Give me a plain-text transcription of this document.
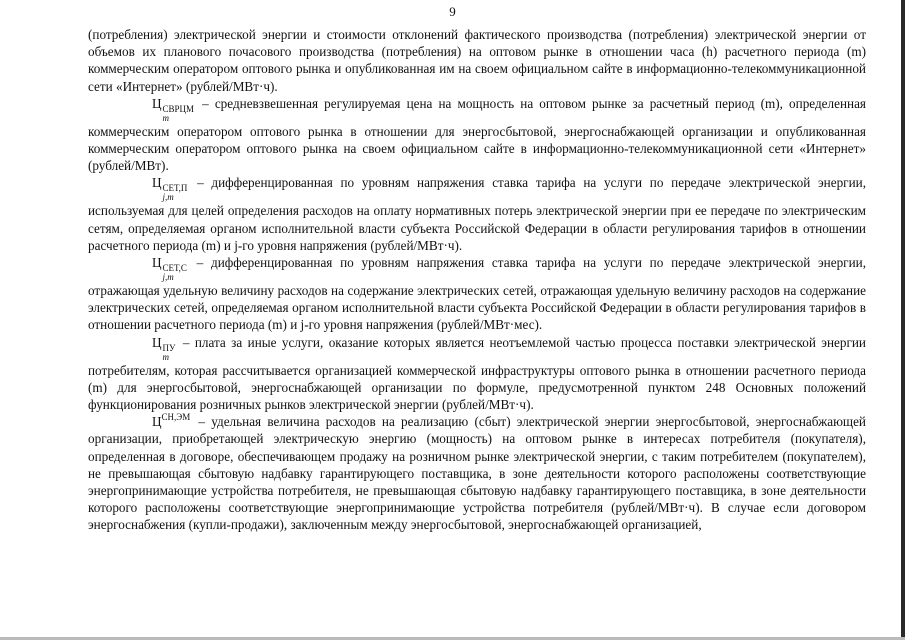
9

(потребления) электрической энергии и стоимости отклонений фактического производства (потребления) электрической энергии от объемов их планового почасового производства (потребления) на оптовом рынке в отношении часа (h) расчетного периода (m) коммерческим оператором оптового рынка и опубликованная им на своем официальном сайте в информационно-телекоммуникационной сети «Интернет» (рублей/МВт·ч).

Ц СВРЦМ
m
– средневзвешенная регулируемая цена на мощность на оптовом рынке за расчетный период (m), определенная коммерческим оператором оптового рынка в отношении для энергосбытовой, энергоснабжающей организации и опубликованная коммерческим оператором оптового рынка на своем официальном сайте в информационно-телекоммуникационной сети «Интернет» (рублей/МВт).

Ц СЕТ,П
j,m
– дифференцированная по уровням напряжения ставка тарифа на услуги по передаче электрической энергии, используемая для целей определения расходов на оплату нормативных потерь электрической энергии при ее передаче по электрическим сетям, определяемая органом исполнительной власти субъекта Российской Федерации в области регулирования тарифов в отношении расчетного периода (m) и j-го уровня напряжения (рублей/МВт·ч).

Ц СЕТ,С
j,m
– дифференцированная по уровням напряжения ставка тарифа на услуги по передаче электрической энергии, отражающая удельную величину расходов на содержание электрических сетей, отражающая удельную величину расходов на содержание электрических сетей, определяемая органом исполнительной власти субъекта Российской Федерации в области регулирования тарифов в отношении расчетного периода (m) и j-го уровня напряжения (рублей/МВт·мес).

Ц ПУ
m
– плата за иные услуги, оказание которых является неотъемлемой частью процесса поставки электрической энергии потребителям, которая рассчитывается организацией коммерческой инфраструктуры оптового рынка в отношении расчетного периода (m) для энергосбытовой, энергоснабжающей организации по формуле, предусмотренной пунктом 248 Основных положений функционирования розничных рынков электрической энергии (рублей/МВт·ч).

$Ц^{СН,ЭМ}$ – удельная величина расходов на реализацию (сбыт) электрической энергии энергосбытовой, энергоснабжающей организации, приобретающей электрическую энергию (мощность) на оптовом рынке в интересах потребителя (покупателя), определенная в договоре, обеспечивающем продажу на розничном рынке электрической энергии, с таким потребителем (покупателем), не превышающая сбытовую надбавку гарантирующего поставщика, в зоне деятельности которого расположены соответствующие энергопринимающие устройства потребителя, не превышающая сбытовую надбавку гарантирующего поставщика, в зоне деятельности которого расположены соответствующие энергопринимающие устройства потребителя (рублей/МВт·ч). В случае если договором энергоснабжения (купли-продажи), заключенным между энергосбытовой, энергоснабжающей организацией,
